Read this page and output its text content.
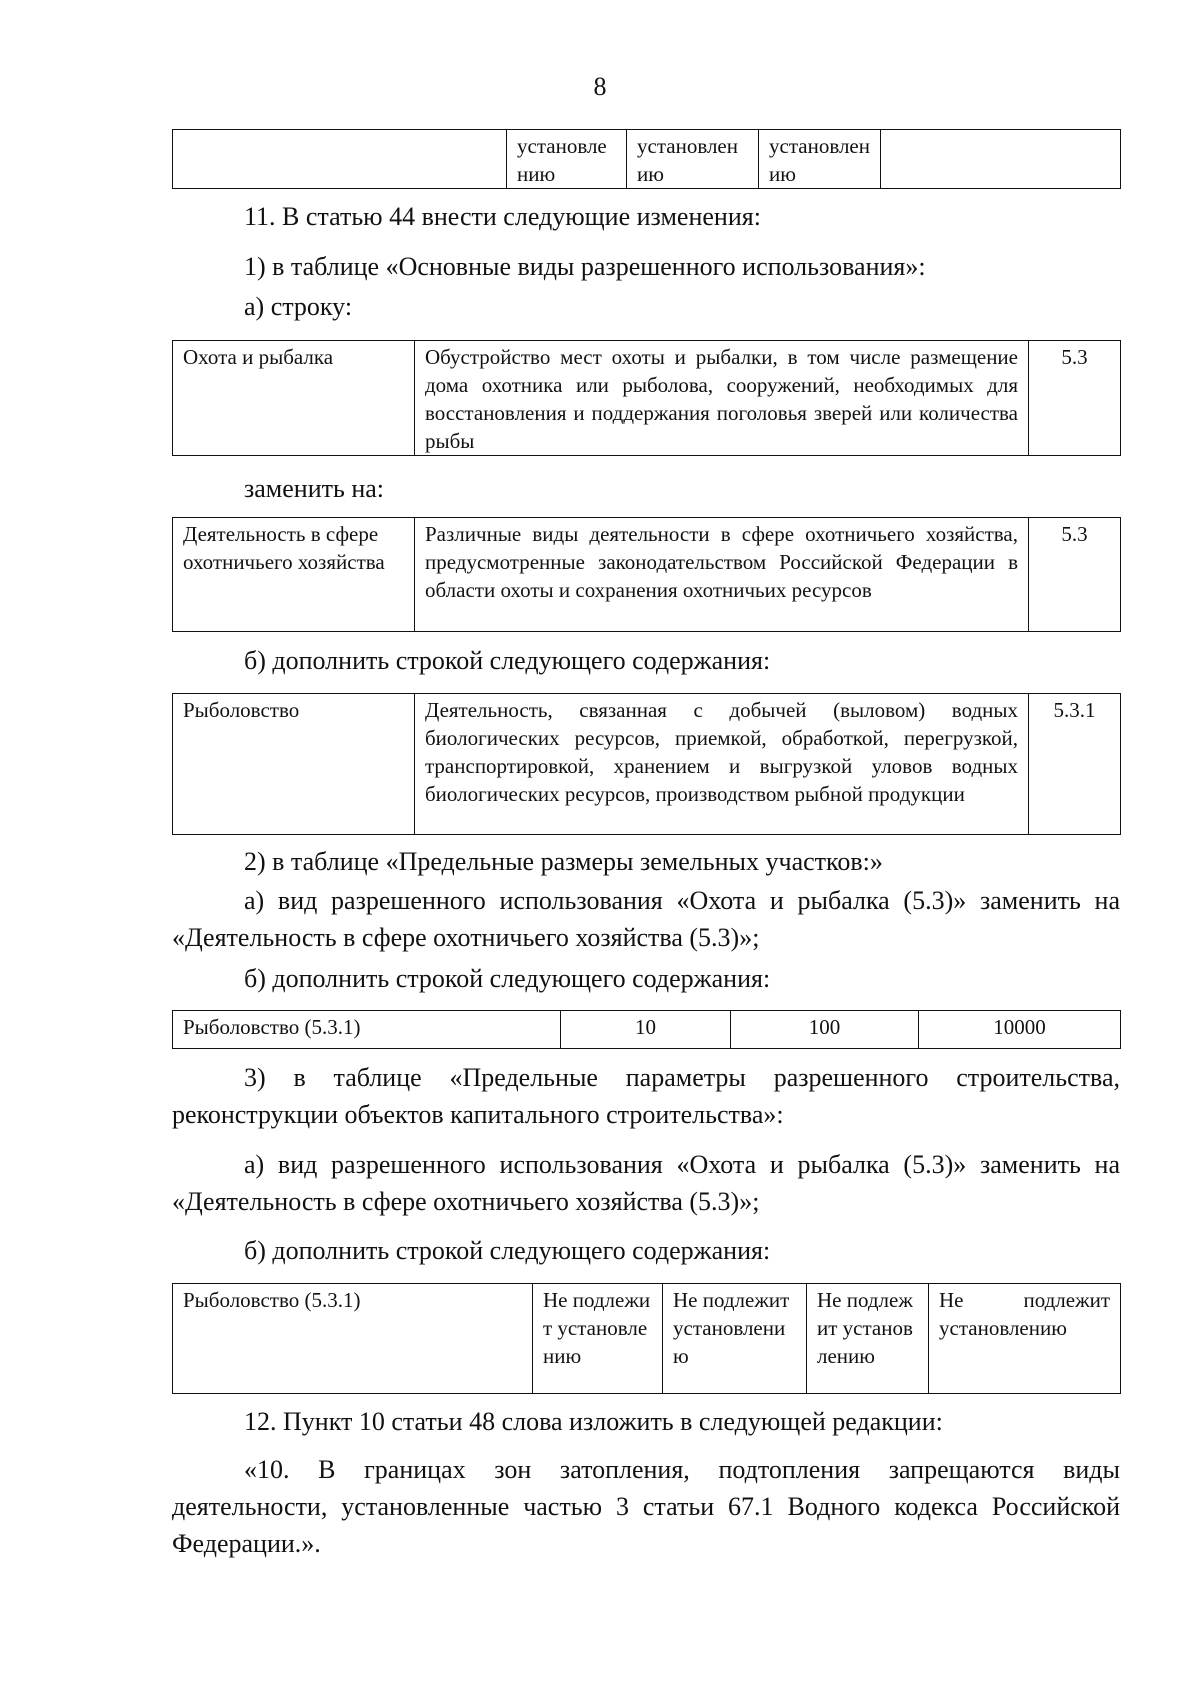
8
	установлению	установлению	установлению	

11. В статью 44 внести следующие изменения:

1) в таблице «Основные виды разрешенного использования»:

а) строку:

Охота и рыбалка	Обустройство мест охоты и рыбалки, в том числе размещение дома охотника или рыболова, сооружений, необходимых для восстановления и поддержания поголовья зверей или количества рыбы	5.3

заменить на:

Деятельность в сфере охотничьего хозяйства	Различные виды деятельности в сфере охотничьего хозяйства, предусмотренные законодательством Российской Федерации в области охоты и сохранения охотничьих ресурсов	5.3

б) дополнить строкой следующего содержания:

Рыболовство	Деятельность, связанная с добычей (выловом) водных биологических ресурсов, приемкой, обработкой, перегрузкой, транспортировкой, хранением и выгрузкой уловов водных биологических ресурсов, производством рыбной продукции	5.3.1

2) в таблице «Предельные размеры земельных участков:»

а) вид разрешенного использования «Охота и рыбалка (5.3)» заменить на «Деятельность в сфере охотничьего хозяйства (5.3)»;

б) дополнить строкой следующего содержания:

Рыболовство (5.3.1)	10	100	10000

3) в таблице «Предельные параметры разрешенного строительства, реконструкции объектов капитального строительства»:

а) вид разрешенного использования «Охота и рыбалка (5.3)» заменить на «Деятельность в сфере охотничьего хозяйства (5.3)»;

б) дополнить строкой следующего содержания:

Рыболовство (5.3.1)	Не подлежит установлению	Не подлежит установлению	Не подлежит установлению	Не подлежит установлению

12. Пункт 10 статьи 48 слова изложить в следующей редакции:

«10. В границах зон затопления, подтопления запрещаются виды деятельности, установленные частью 3 статьи 67.1 Водного кодекса Российской Федерации.».
